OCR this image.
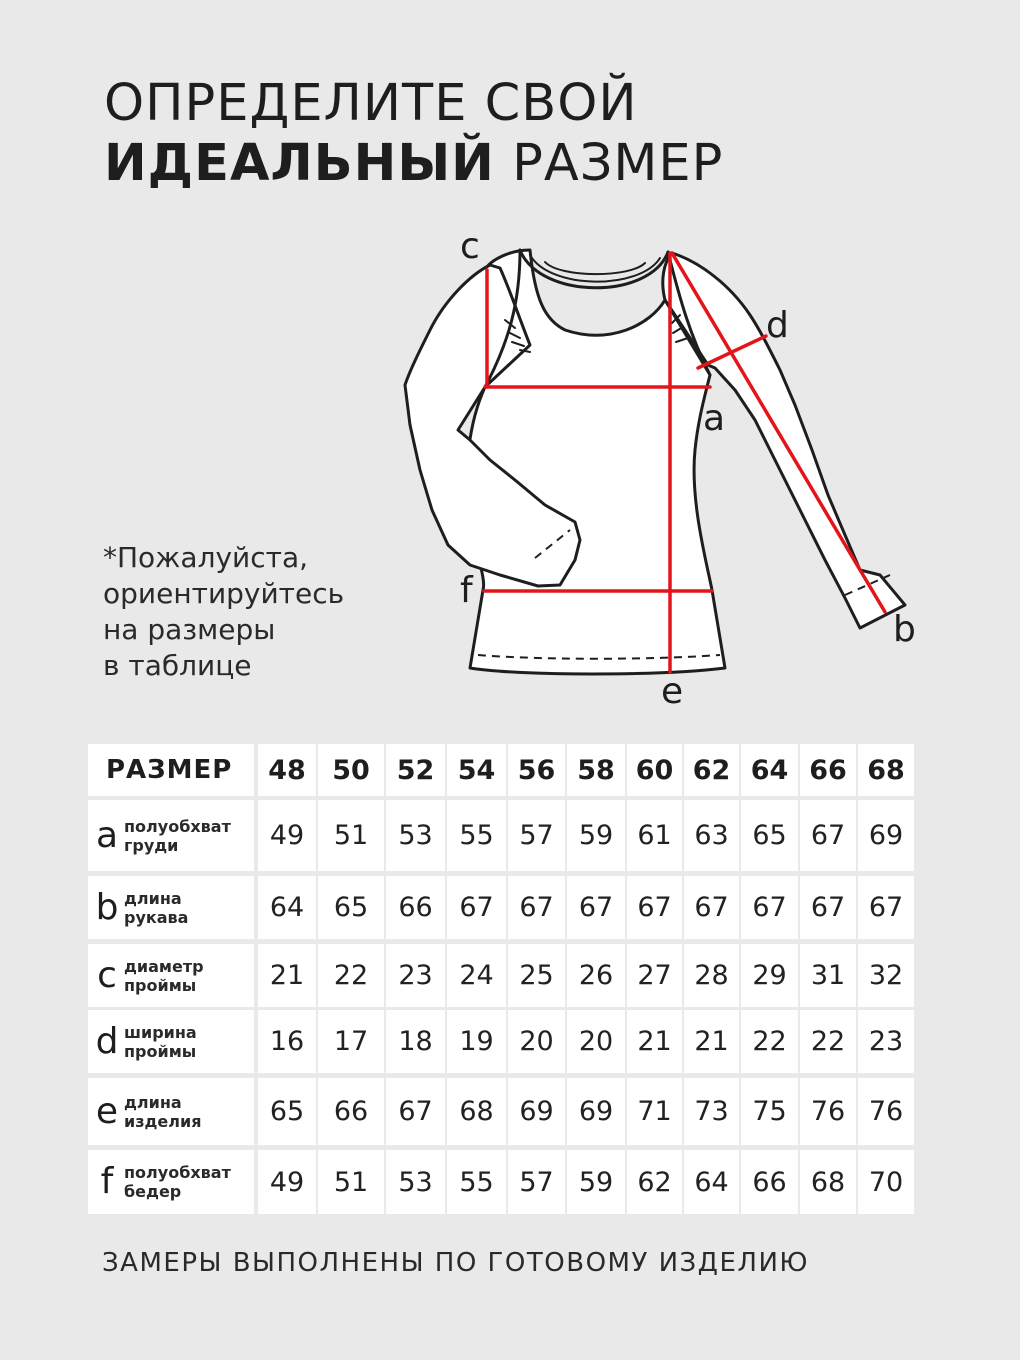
ОПРЕДЕЛИТЕ СВОЙ
ИДЕАЛЬНЫЙ РАЗМЕР
*Пожалуйста,
ориентируйтесь
на размеры
в таблице
c
d
a
f
b
e
РАЗМЕР	48 50 52 54 56 58 60 62 64 66 68
a полуобхват
груди	49	51	53 55 57 59 61 63 65 67 69
b длина
рукава	64	65	66 67 67 67 67 67 67 67 67
c диаметр
проймы	21	22	23 24 25 26 27 28 29 31 32
d ширина
проймы	16	17	18 19 20 20 21 21 22 22 23
e длина
изделия	65	66	67 68 69 69 71 73 75 76 76
f полуобхват
бедер	49	51	53 55 57 59 62 64 66 68 70
ЗАМЕРЫ ВЫПОЛНЕНЫ ПО ГОТОВОМУ ИЗДЕЛИЮ
